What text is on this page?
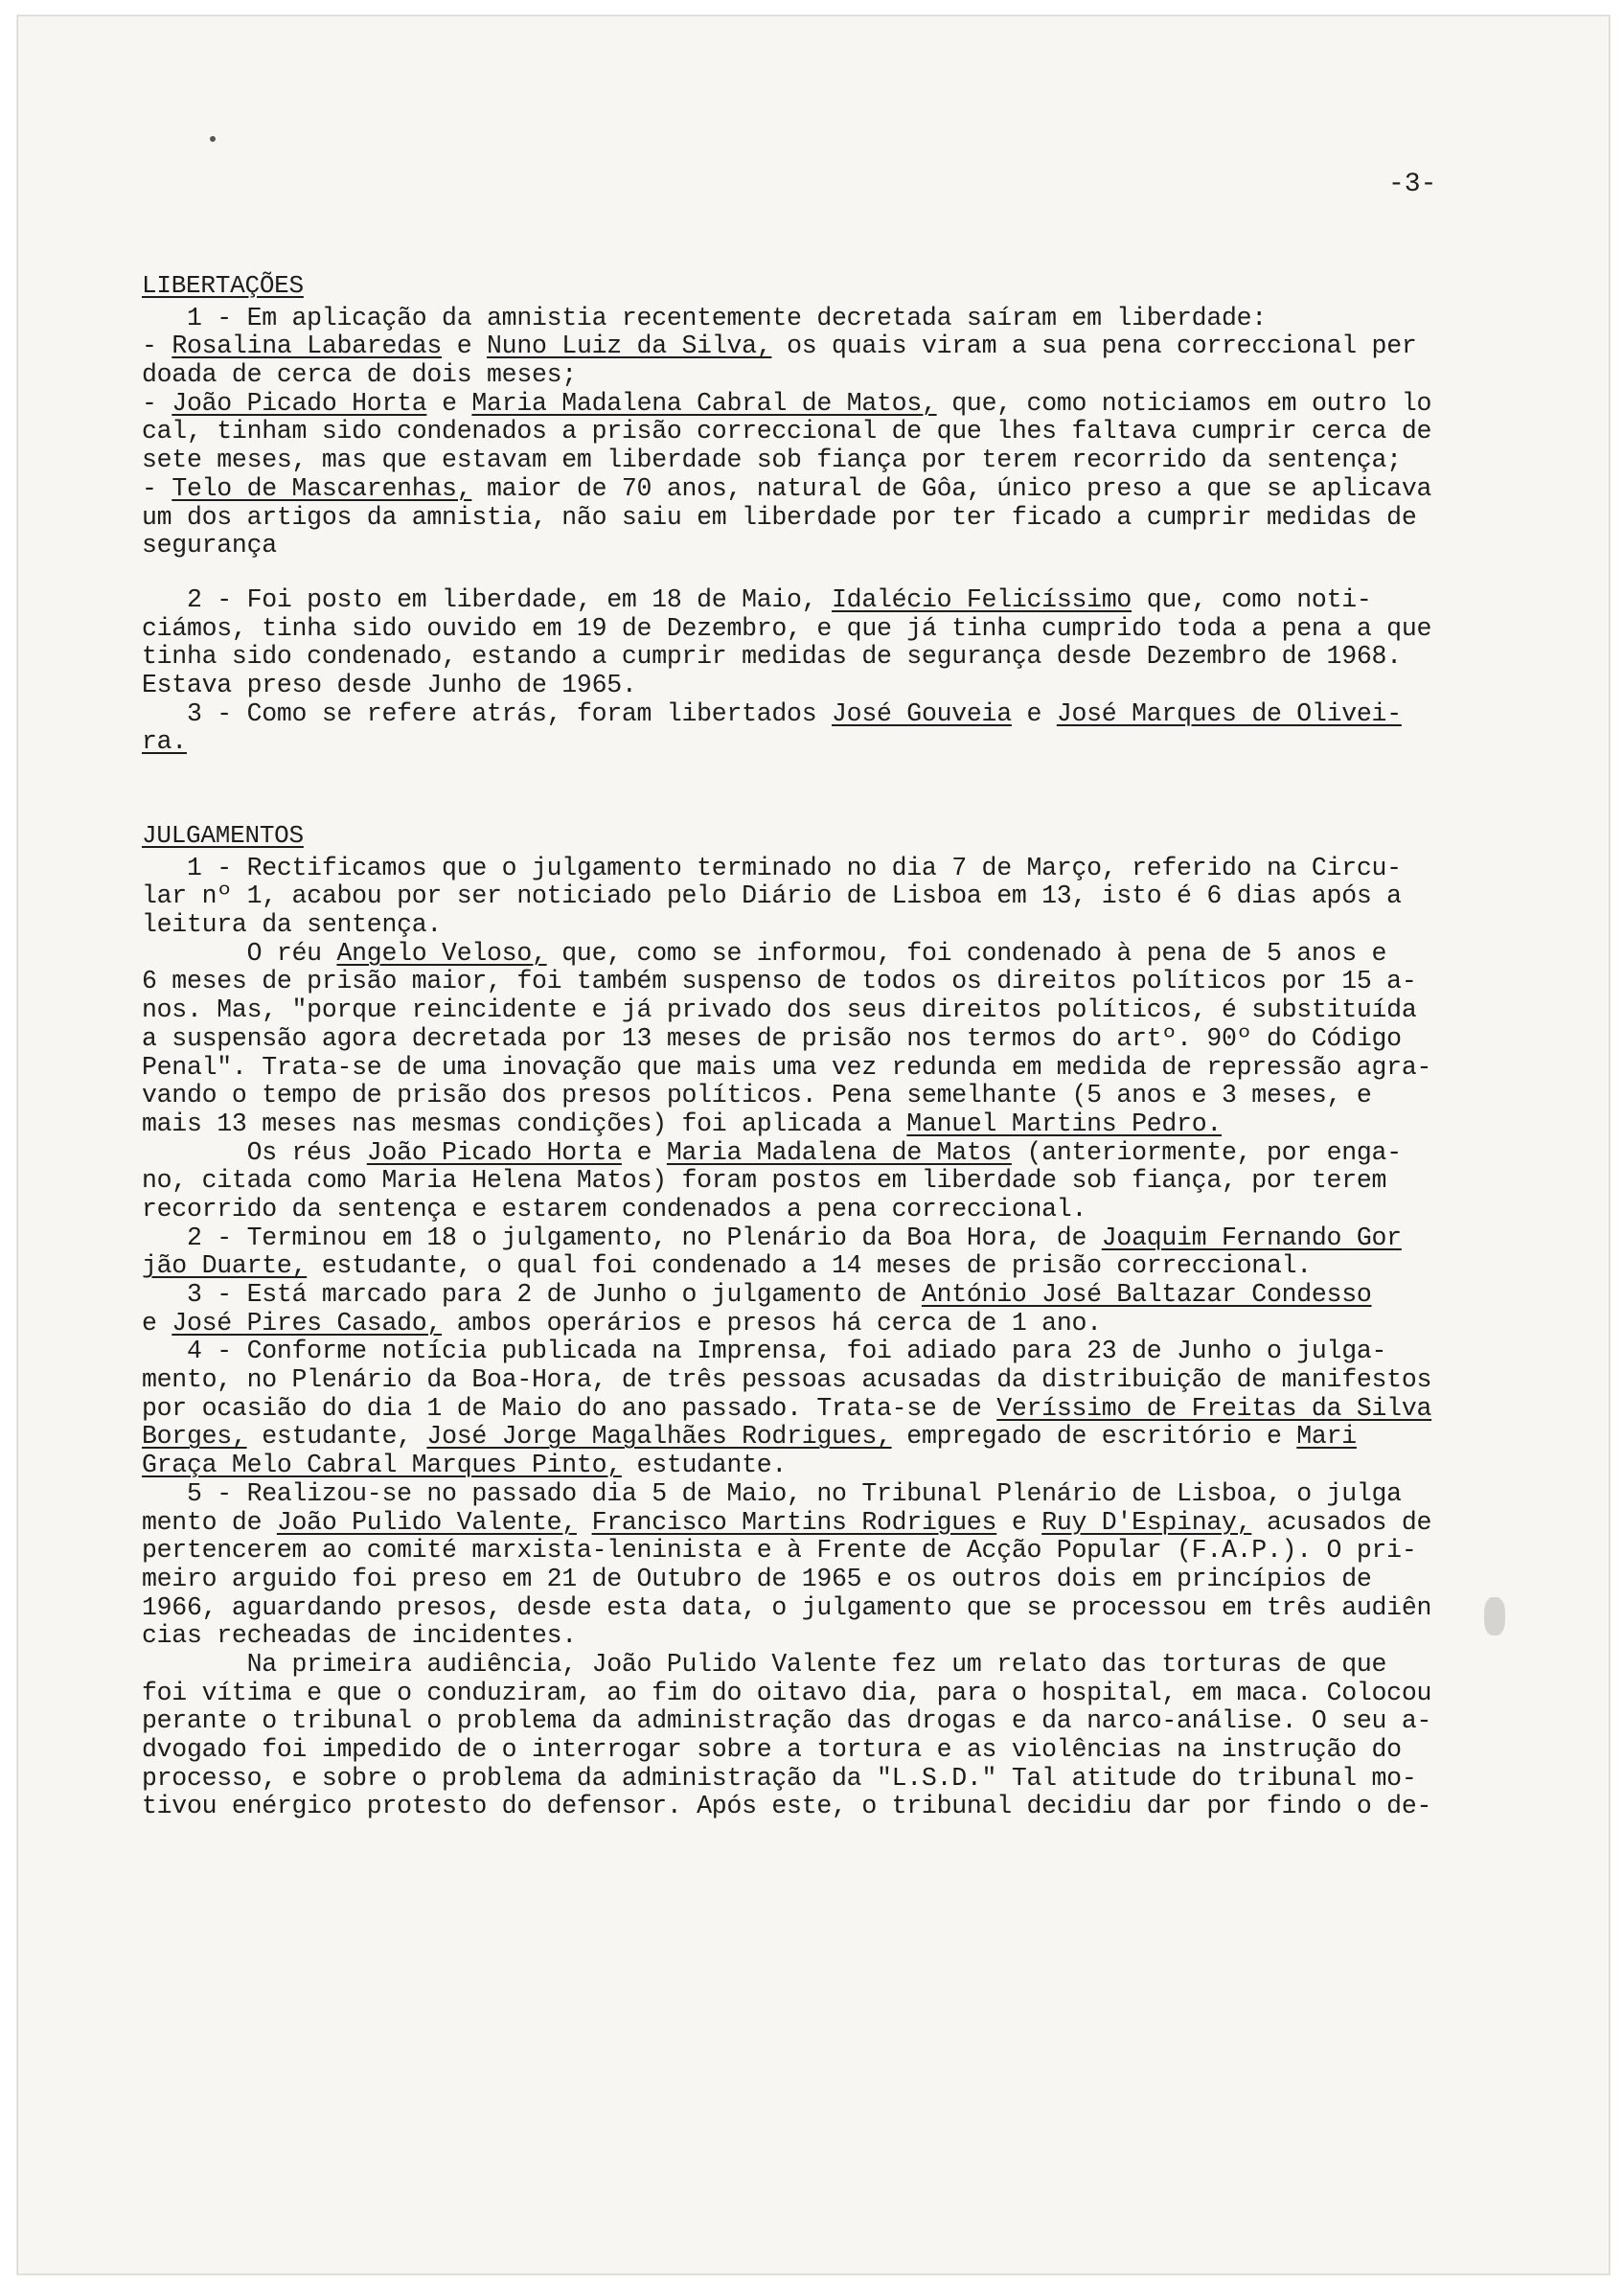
-3-
LIBERTAÇÕES
1 - Em aplicação da amnistia recentemente decretada saíram em liberdade:
- Rosalina Labaredas e Nuno Luiz da Silva, os quais viram a sua pena correccional per
doada de cerca de dois meses;
- João Picado Horta e Maria Madalena Cabral de Matos, que, como noticiamos em outro lo
cal, tinham sido condenados a prisão correccional de que lhes faltava cumprir cerca de
sete meses, mas que estavam em liberdade sob fiança por terem recorrido da sentença;
- Telo de Mascarenhas, maior de 70 anos, natural de Gôa, único preso a que se aplicava
um dos artigos da amnistia, não saiu em liberdade por ter ficado a cumprir medidas de
segurança
2 - Foi posto em liberdade, em 18 de Maio, Idalécio Felicíssimo que, como noti-
ciámos, tinha sido ouvido em 19 de Dezembro, e que já tinha cumprido toda a pena a que
tinha sido condenado, estando a cumprir medidas de segurança desde Dezembro de 1968.
Estava preso desde Junho de 1965.
3 - Como se refere atrás, foram libertados José Gouveia e José Marques de Olivei-
ra.
JULGAMENTOS
1 - Rectificamos que o julgamento terminado no dia 7 de Março, referido na Circu-
lar nº 1, acabou por ser noticiado pelo Diário de Lisboa em 13, isto é 6 dias após a
leitura da sentença.
O réu Angelo Veloso, que, como se informou, foi condenado à pena de 5 anos e
6 meses de prisão maior, foi também suspenso de todos os direitos políticos por 15 a-
nos. Mas, "porque reincidente e já privado dos seus direitos políticos, é substituída
a suspensão agora decretada por 13 meses de prisão nos termos do artº. 90º do Código
Penal". Trata-se de uma inovação que mais uma vez redunda em medida de repressão agra-
vando o tempo de prisão dos presos políticos. Pena semelhante (5 anos e 3 meses, e
mais 13 meses nas mesmas condições) foi aplicada a Manuel Martins Pedro.
Os réus João Picado Horta e Maria Madalena de Matos (anteriormente, por enga-
no, citada como Maria Helena Matos) foram postos em liberdade sob fiança, por terem
recorrido da sentença e estarem condenados a pena correccional.
2 - Terminou em 18 o julgamento, no Plenário da Boa Hora, de Joaquim Fernando Gor
jão Duarte, estudante, o qual foi condenado a 14 meses de prisão correccional.
3 - Está marcado para 2 de Junho o julgamento de António José Baltazar Condesso
e José Pires Casado, ambos operários e presos há cerca de 1 ano.
4 - Conforme notícia publicada na Imprensa, foi adiado para 23 de Junho o julga-
mento, no Plenário da Boa-Hora, de três pessoas acusadas da distribuição de manifestos
por ocasião do dia 1 de Maio do ano passado. Trata-se de Veríssimo de Freitas da Silva
Borges, estudante, José Jorge Magalhães Rodrigues, empregado de escritório e Mari
Graça Melo Cabral Marques Pinto, estudante.
5 - Realizou-se no passado dia 5 de Maio, no Tribunal Plenário de Lisboa, o julga
mento de João Pulido Valente, Francisco Martins Rodrigues e Ruy D'Espinay, acusados de
pertencerem ao comité marxista-leninista e à Frente de Acção Popular (F.A.P.). O pri-
meiro arguido foi preso em 21 de Outubro de 1965 e os outros dois em princípios de
1966, aguardando presos, desde esta data, o julgamento que se processou em três audiên
cias recheadas de incidentes.
Na primeira audiência, João Pulido Valente fez um relato das torturas de que
foi vítima e que o conduziram, ao fim do oitavo dia, para o hospital, em maca. Colocou
perante o tribunal o problema da administração das drogas e da narco-análise. O seu a-
dvogado foi impedido de o interrogar sobre a tortura e as violências na instrução do
processo, e sobre o problema da administração da "L.S.D." Tal atitude do tribunal mo-
tivou enérgico protesto do defensor. Após este, o tribunal decidiu dar por findo o de-
